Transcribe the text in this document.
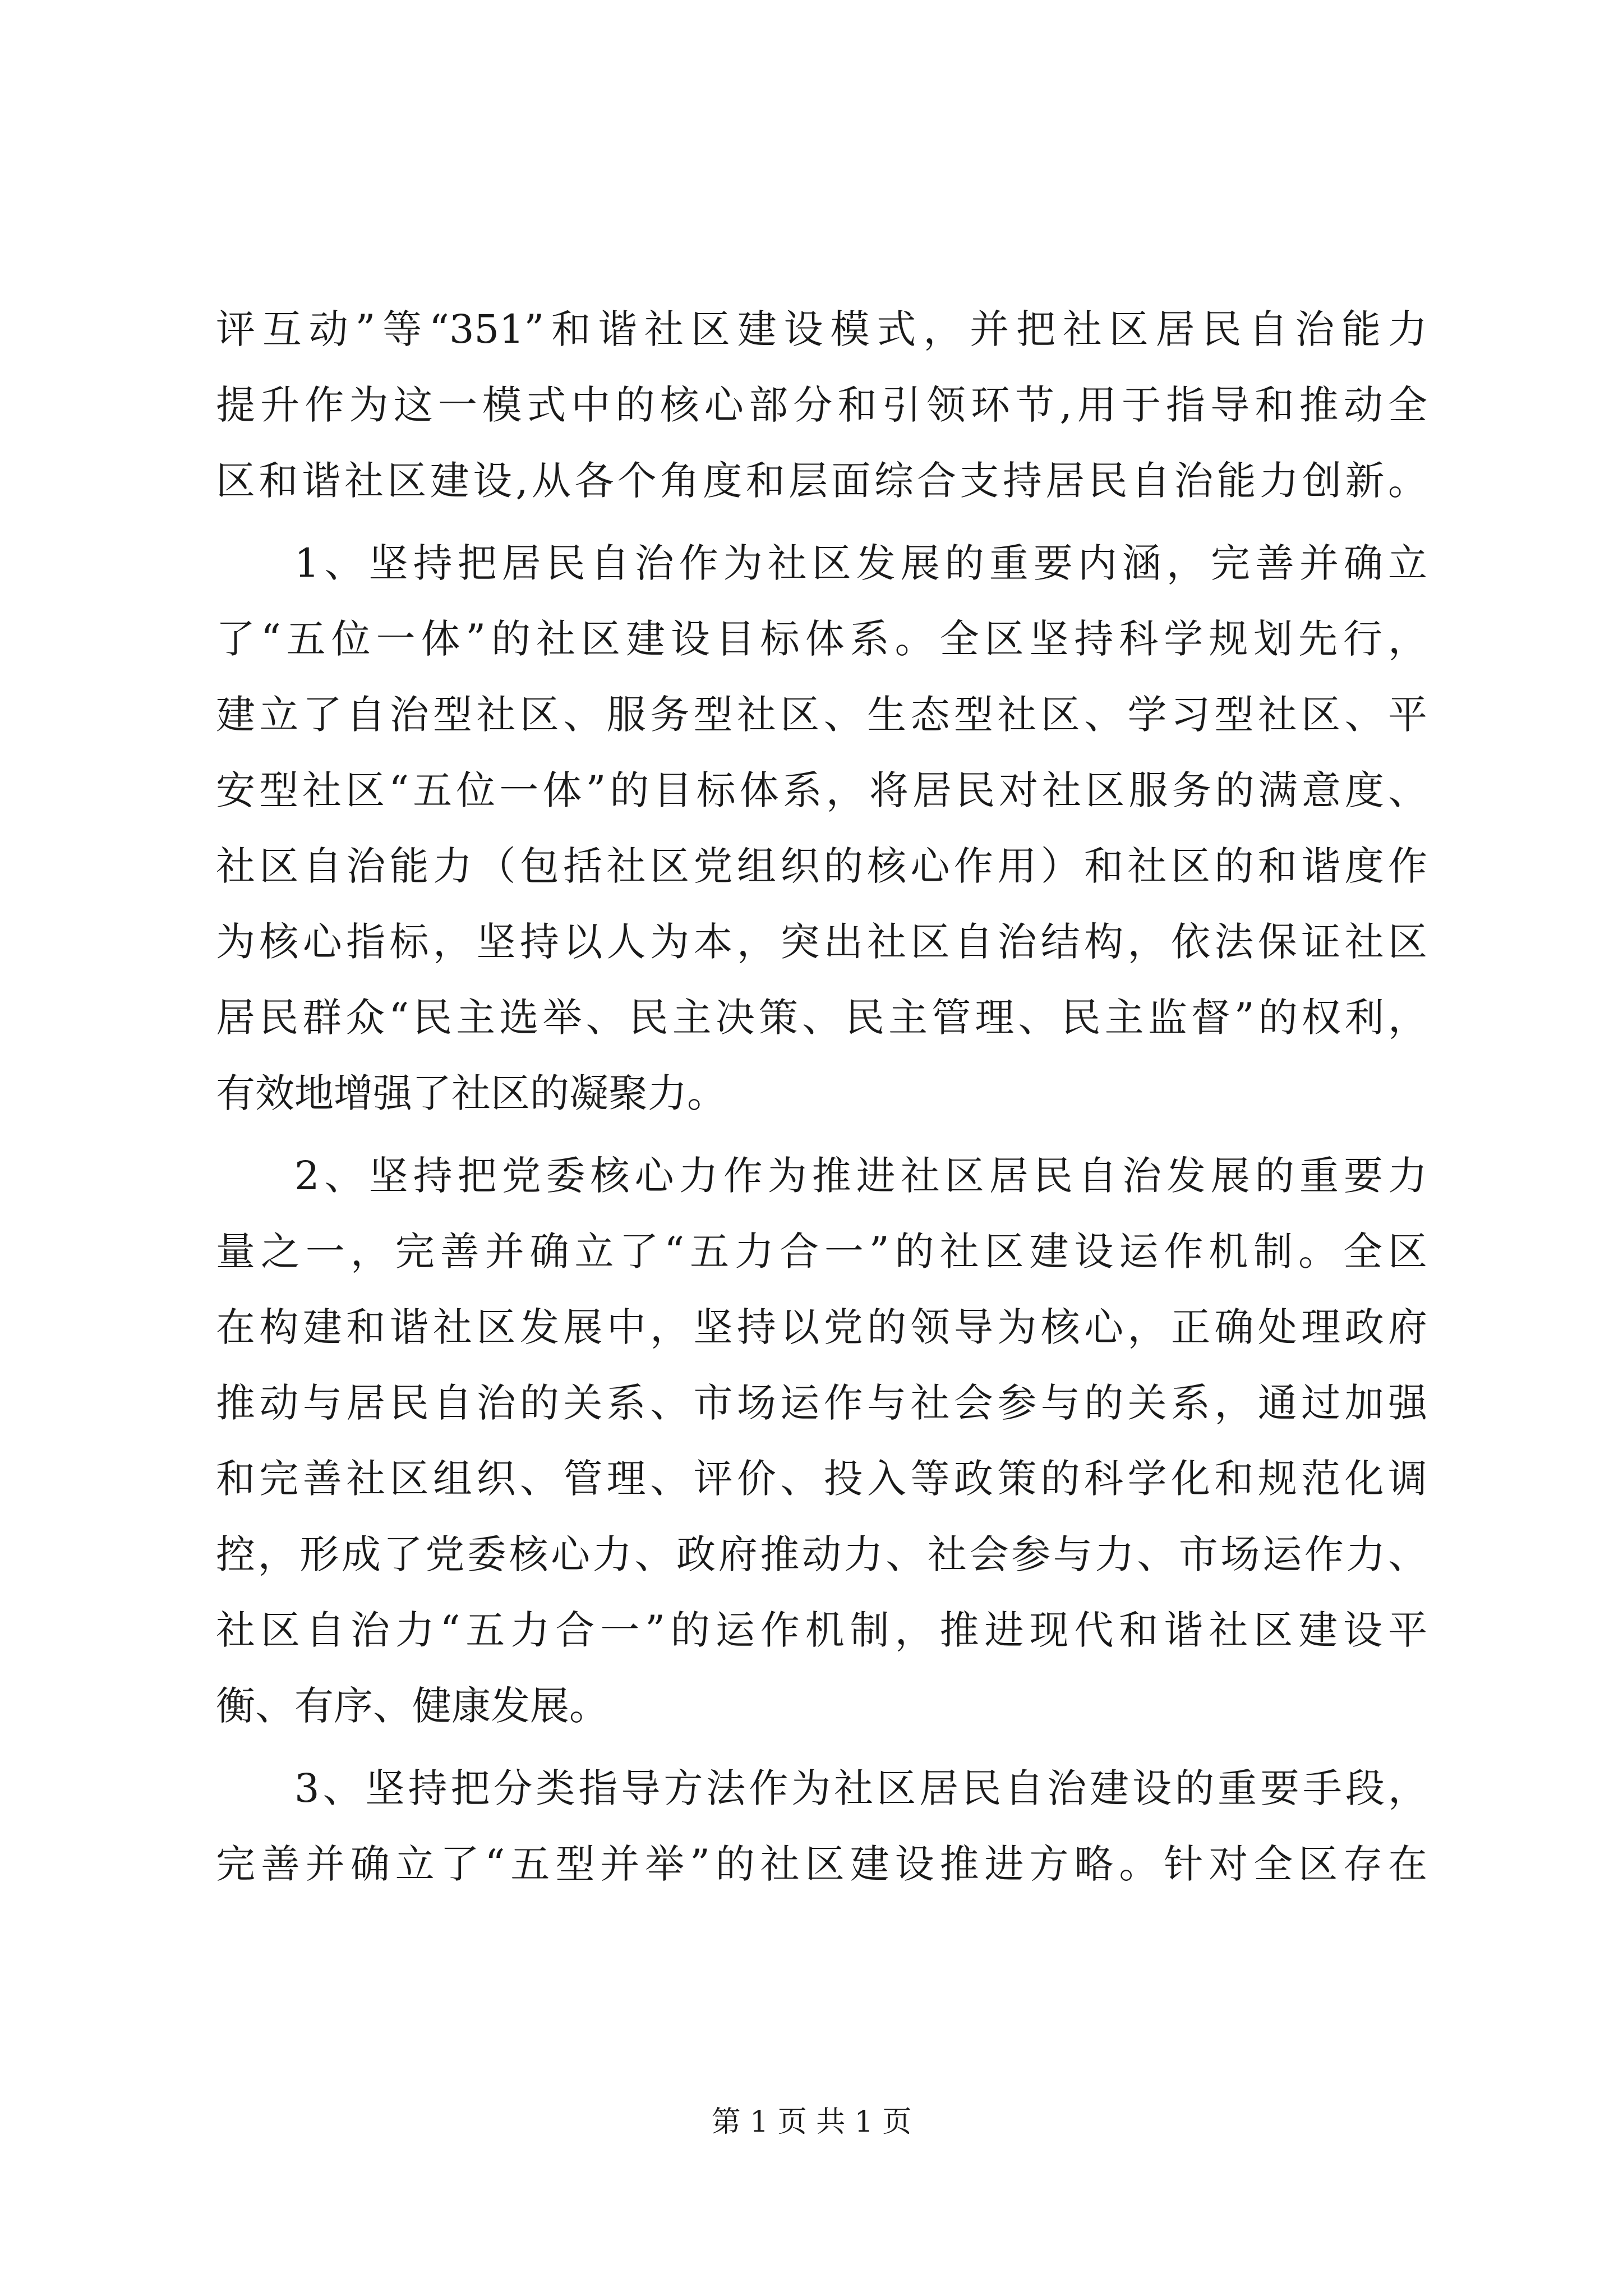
评互动”等“351”和谐社区建设模式，并把社区居民自治能力
提升作为这一模式中的核心部分和引领环节,用于指导和推动全
区和谐社区建设,从各个角度和层面综合支持居民自治能力创新。
1、坚持把居民自治作为社区发展的重要内涵，完善并确立
了“五位一体”的社区建设目标体系。全区坚持科学规划先行，
建立了自治型社区、服务型社区、生态型社区、学习型社区、平
安型社区“五位一体”的目标体系，将居民对社区服务的满意度、
社区自治能力（包括社区党组织的核心作用）和社区的和谐度作
为核心指标，坚持以人为本，突出社区自治结构，依法保证社区
居民群众“民主选举、民主决策、民主管理、民主监督”的权利，
有效地增强了社区的凝聚力。
2、坚持把党委核心力作为推进社区居民自治发展的重要力
量之一，完善并确立了“五力合一”的社区建设运作机制。全区
在构建和谐社区发展中，坚持以党的领导为核心，正确处理政府
推动与居民自治的关系、市场运作与社会参与的关系，通过加强
和完善社区组织、管理、评价、投入等政策的科学化和规范化调
控，形成了党委核心力、政府推动力、社会参与力、市场运作力、
社区自治力“五力合一”的运作机制，推进现代和谐社区建设平
衡、有序、健康发展。
3、坚持把分类指导方法作为社区居民自治建设的重要手段，
完善并确立了“五型并举”的社区建设推进方略。针对全区存在
第 1 页 共 1 页
